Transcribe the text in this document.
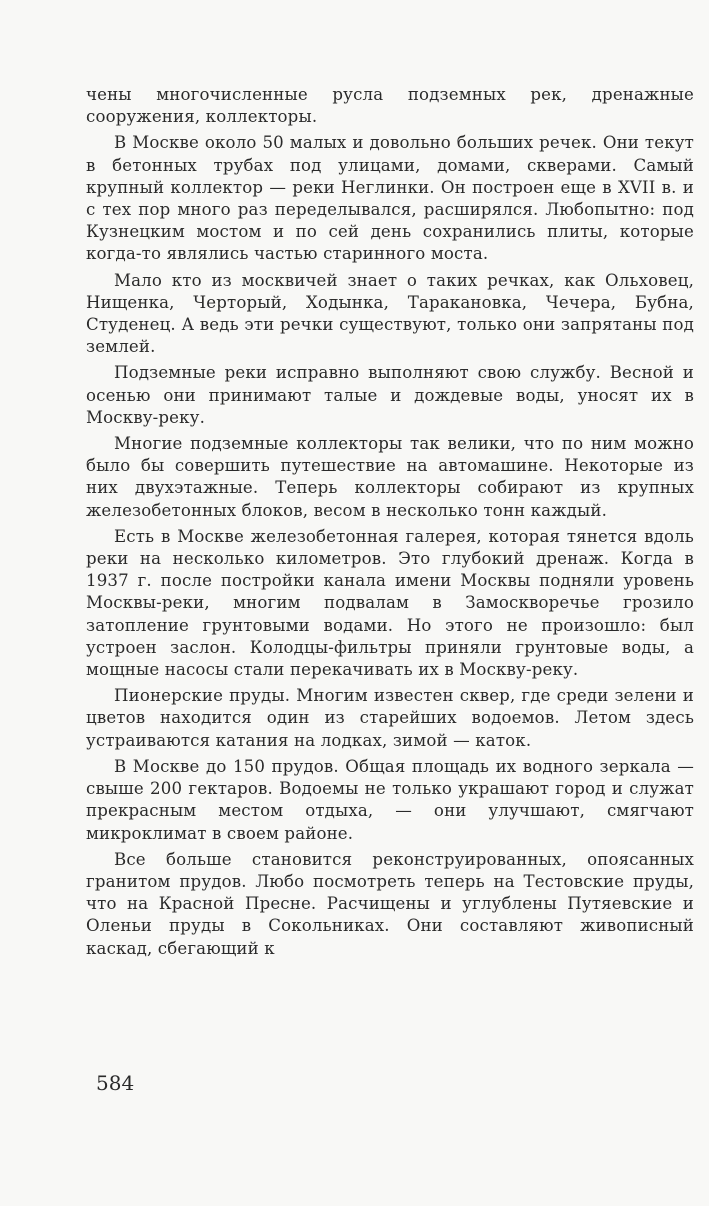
чены многочисленные русла подземных рек, дренажные сооружения, коллекторы.

В Москве около 50 малых и довольно больших речек. Они текут в бетонных трубах под улицами, домами, скверами. Самый крупный коллектор — реки Неглинки. Он построен еще в XVII в. и с тех пор много раз переделывался, расширялся. Любопытно: под Кузнецким мостом и по сей день сохранились плиты, которые когда-то являлись частью старинного моста.

Мало кто из москвичей знает о таких речках, как Ольховец, Нищенка, Черторый, Ходынка, Таракановка, Чечера, Бубна, Студенец. А ведь эти речки существуют, только они запрятаны под землей.

Подземные реки исправно выполняют свою службу. Весной и осенью они принимают талые и дождевые воды, уносят их в Москву-реку.

Многие подземные коллекторы так велики, что по ним можно было бы совершить путешествие на автомашине. Некоторые из них двухэтажные. Теперь коллекторы собирают из крупных железобетонных блоков, весом в несколько тонн каждый.

Есть в Москве железобетонная галерея, которая тянется вдоль реки на несколько километров. Это глубокий дренаж. Когда в 1937 г. после постройки канала имени Москвы подняли уровень Москвы-реки, многим подвалам в Замоскворечье грозило затопление грунтовыми водами. Но этого не произошло: был устроен заслон. Колодцы-фильтры приняли грунтовые воды, а мощные насосы стали перекачивать их в Москву-реку.

Пионерские пруды. Многим известен сквер, где среди зелени и цветов находится один из старейших водоемов. Летом здесь устраиваются катания на лодках, зимой — каток.

В Москве до 150 прудов. Общая площадь их водного зеркала — свыше 200 гектаров. Водоемы не только украшают город и служат прекрасным местом отдыха, — они улучшают, смягчают микроклимат в своем районе.

Все больше становится реконструированных, опоясанных гранитом прудов. Любо посмотреть теперь на Тестовские пруды, что на Красной Пресне. Расчищены и углублены Путяевские и Оленьи пруды в Сокольниках. Они составляют живописный каскад, сбегающий к

584
